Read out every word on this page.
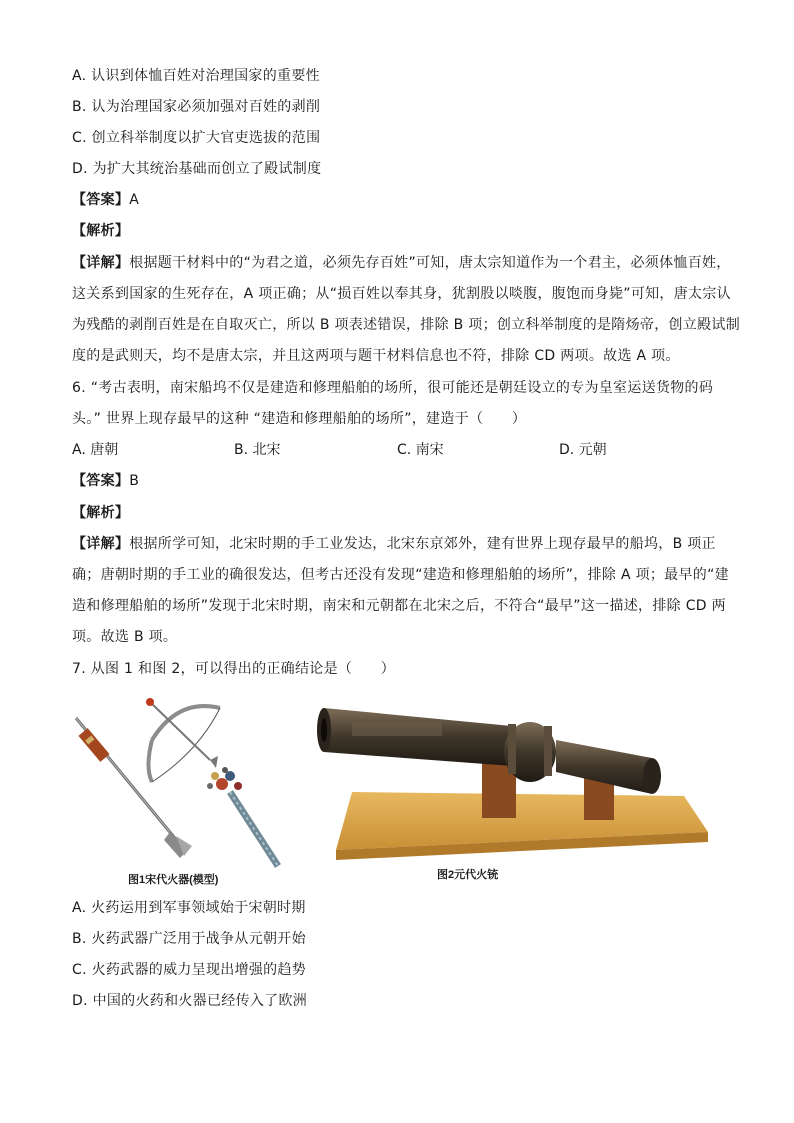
A. 认识到体恤百姓对治理国家的重要性
B. 认为治理国家必须加强对百姓的剥削
C. 创立科举制度以扩大官吏选拔的范围
D. 为扩大其统治基础而创立了殿试制度
【答案】A
【解析】
【详解】根据题干材料中的“为君之道，必须先存百姓”可知，唐太宗知道作为一个君主，必须体恤百姓，
这关系到国家的生死存在，A 项正确；从“损百姓以奉其身，犹割股以啖腹，腹饱而身毙”可知，唐太宗认
为残酷的剥削百姓是在自取灭亡，所以 B 项表述错误，排除 B 项；创立科举制度的是隋炀帝，创立殿试制
度的是武则天，均不是唐太宗，并且这两项与题干材料信息也不符，排除 CD 两项。故选 A 项。
6. “考古表明，南宋船坞不仅是建造和修理船舶的场所，很可能还是朝廷设立的专为皇室运送货物的码
头。” 世界上现存最早的这种 “建造和修理船舶的场所”，建造于（　　）
A. 唐朝	B. 北宋	C. 南宋	D. 元朝
【答案】B
【解析】
【详解】根据所学可知，北宋时期的手工业发达，北宋东京郊外，建有世界上现存最早的船坞，B 项正
确；唐朝时期的手工业的确很发达，但考古还没有发现“建造和修理船舶的场所”，排除 A 项；最早的“建
造和修理船舶的场所”发现于北宋时期，南宋和元朝都在北宋之后，不符合“最早”这一描述，排除 CD 两
项。故选 B 项。
7. 从图 1 和图 2，可以得出的正确结论是（　　）
图1宋代火器(模型)	图2元代火铳
A. 火药运用到军事领域始于宋朝时期
B. 火药武器广泛用于战争从元朝开始
C. 火药武器的威力呈现出增强的趋势
D. 中国的火药和火器已经传入了欧洲
